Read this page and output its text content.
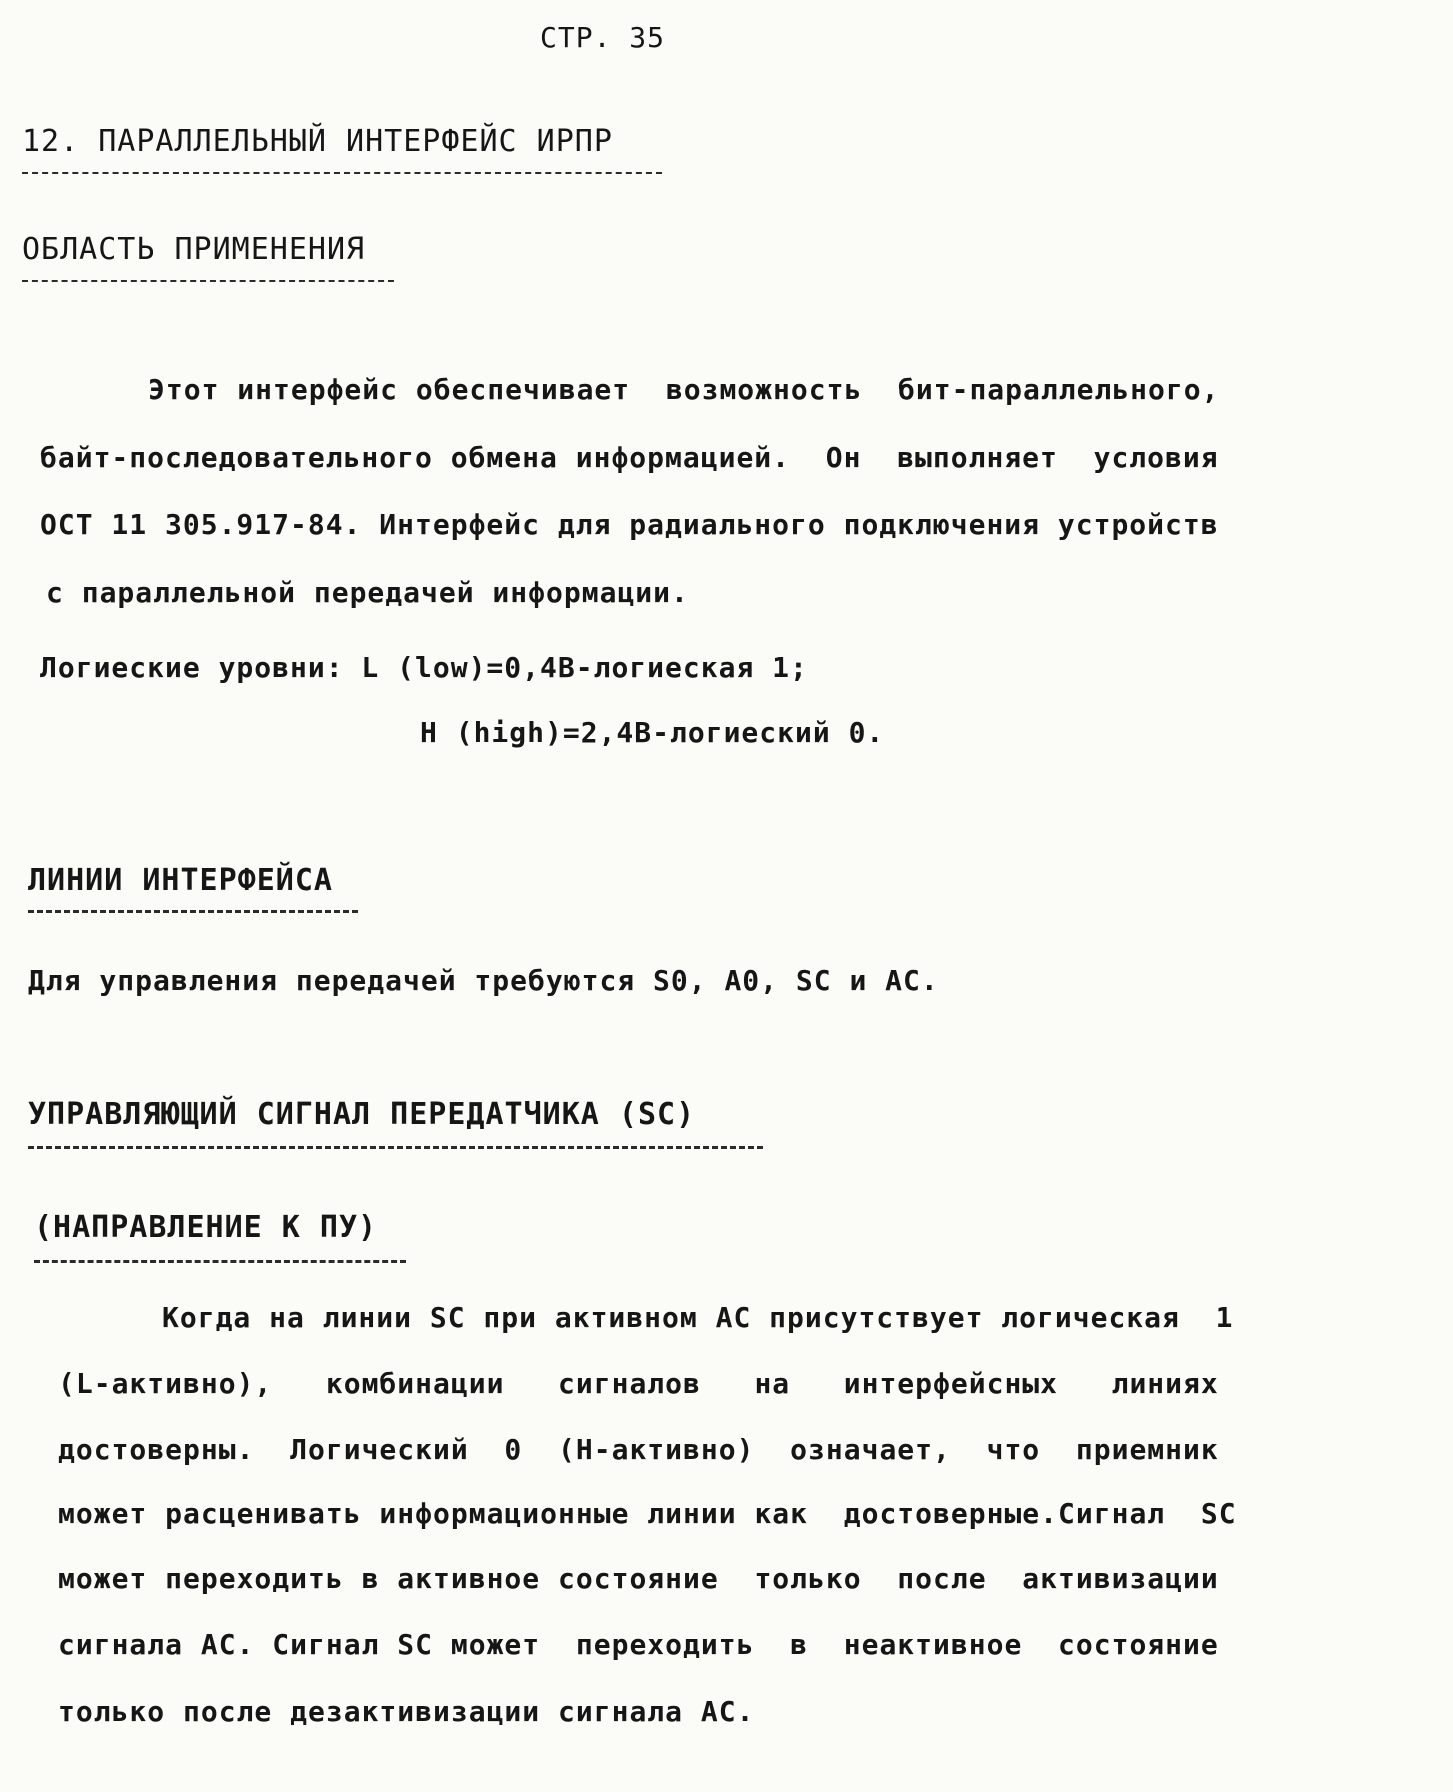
СТР. 35
12. ПАРАЛЛЕЛЬНЫЙ ИНТЕРФЕЙС ИРПР
ОБЛАСТЬ ПРИМЕНЕНИЯ
Этот интерфейс обеспечивает  возможность  бит-параллельного,
байт-последовательного обмена информацией.  Он  выполняет  условия
ОСТ 11 305.917-84. Интерфейс для радиального подключения устройств
с параллельной передачей информации.
Логиеские уровни: L (low)=0,4B-логиеская 1;
H (high)=2,4B-логиеский 0.
ЛИНИИ ИНТЕРФЕЙСА
Для управления передачей требуются S0, A0, SC и AC.
УПРАВЛЯЮЩИЙ СИГНАЛ ПЕРЕДАТЧИКА (SC)
(НАПРАВЛЕНИЕ К ПУ)
Когда на линии SC при активном AC присутствует логическая  1
(L-активно),   комбинации   сигналов   на   интерфейсных   линиях
достоверны.  Логический  0  (H-активно)  означает,  что  приемник
может расценивать информационные линии как  достоверные.Сигнал  SC
может переходить в активное состояние  только  после  активизации
сигнала AC. Сигнал SC может  переходить  в  неактивное  состояние
только после дезактивизации сигнала AC.
